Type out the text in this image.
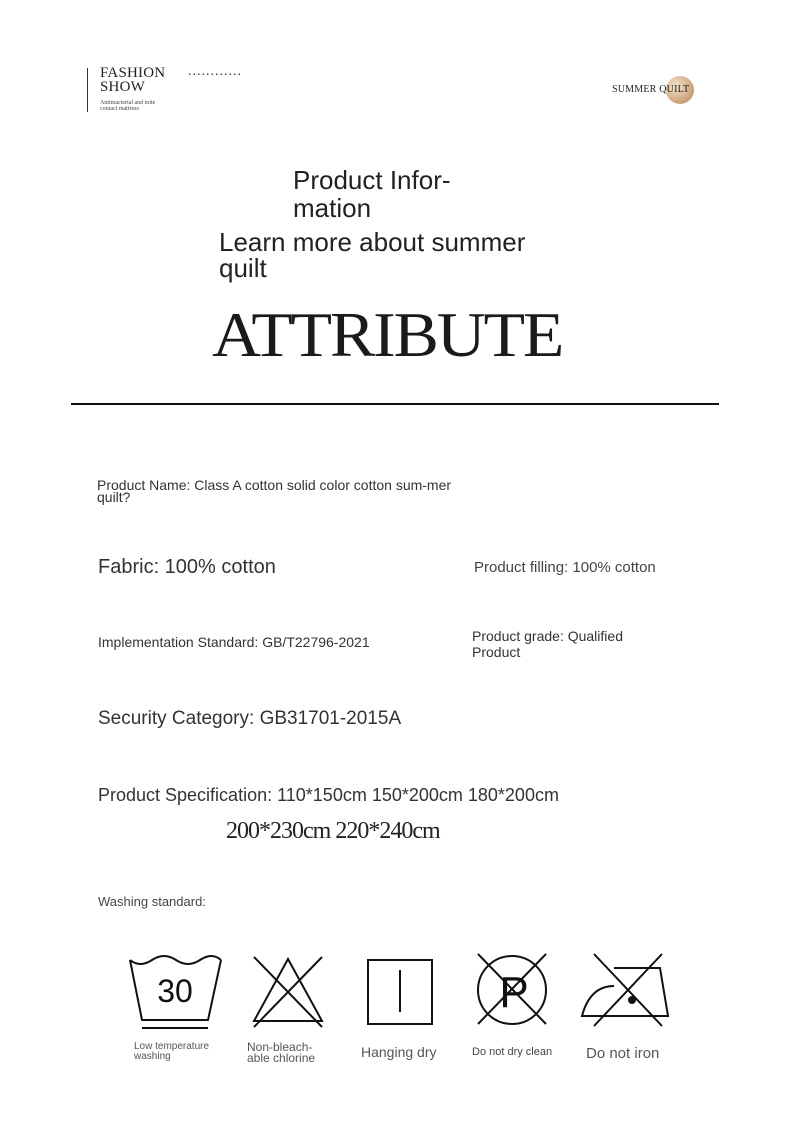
FASHION
SHOW
............
Antimacterial and mite
contact mattress
SUMMER QUILT
Product Infor-mation
Learn more about summer quilt
ATTRIBUTE
Product Name: Class A cotton solid color cotton sum-mer quilt?
Fabric: 100% cotton	Product filling: 100% cotton
Implementation Standard: GB/T22796-2021	Product grade: Qualified Product
Security Category: GB31701-2015A
Product Specification: 110*150cm 150*200cm 180*200cm
200*230cm 220*240cm
Washing standard:
30
Low temperature washing
Non-bleach-able chlorine	Hanging dry
P
Do not dry clean Do not iron
